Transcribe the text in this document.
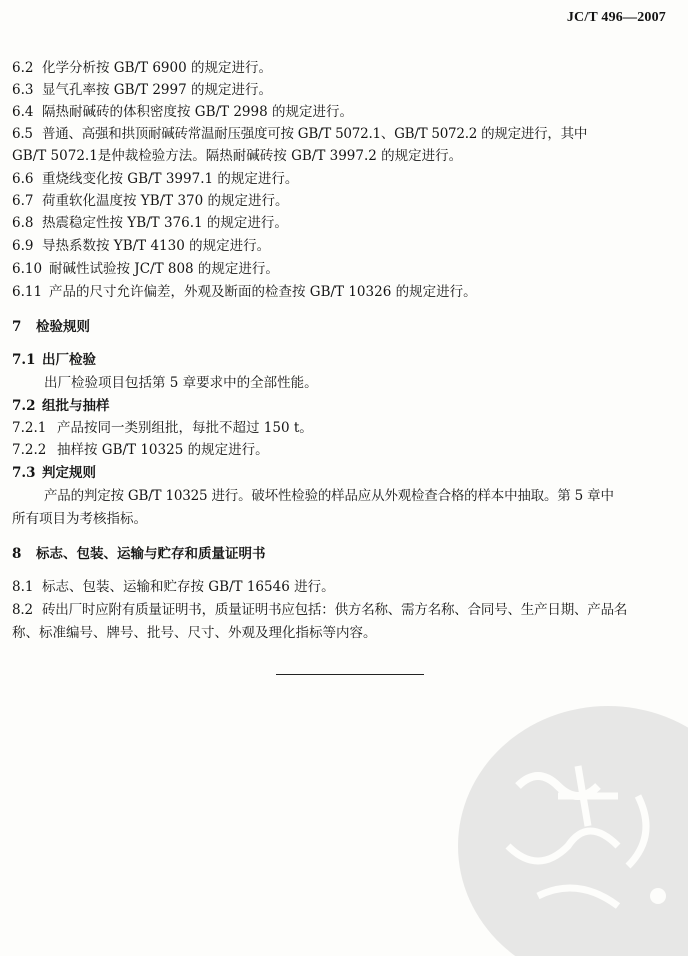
JC/T 496—2007
6.2 化学分析按 GB/T 6900 的规定进行。
6.3 显气孔率按 GB/T 2997 的规定进行。
6.4 隔热耐碱砖的体积密度按 GB/T 2998 的规定进行。
6.5 普通、高强和拱顶耐碱砖常温耐压强度可按 GB/T 5072.1、GB/T 5072.2 的规定进行，其中
GB/T 5072.1是仲裁检验方法。隔热耐碱砖按 GB/T 3997.2 的规定进行。
6.6 重烧线变化按 GB/T 3997.1 的规定进行。
6.7 荷重软化温度按 YB/T 370 的规定进行。
6.8 热震稳定性按 YB/T 376.1 的规定进行。
6.9 导热系数按 YB/T 4130 的规定进行。
6.10 耐碱性试验按 JC/T 808 的规定进行。
6.11 产品的尺寸允许偏差，外观及断面的检查按 GB/T 10326 的规定进行。
7 检验规则
7.1 出厂检验
出厂检验项目包括第 5 章要求中的全部性能。
7.2 组批与抽样
7.2.1 产品按同一类别组批，每批不超过 150 t。
7.2.2 抽样按 GB/T 10325 的规定进行。
7.3 判定规则
产品的判定按 GB/T 10325 进行。破坏性检验的样品应从外观检查合格的样本中抽取。第 5 章中
所有项目为考核指标。
8 标志、包装、运输与贮存和质量证明书
8.1 标志、包装、运输和贮存按 GB/T 16546 进行。
8.2 砖出厂时应附有质量证明书，质量证明书应包括：供方名称、需方名称、合同号、生产日期、产品名
称、标准编号、牌号、批号、尺寸、外观及理化指标等内容。
